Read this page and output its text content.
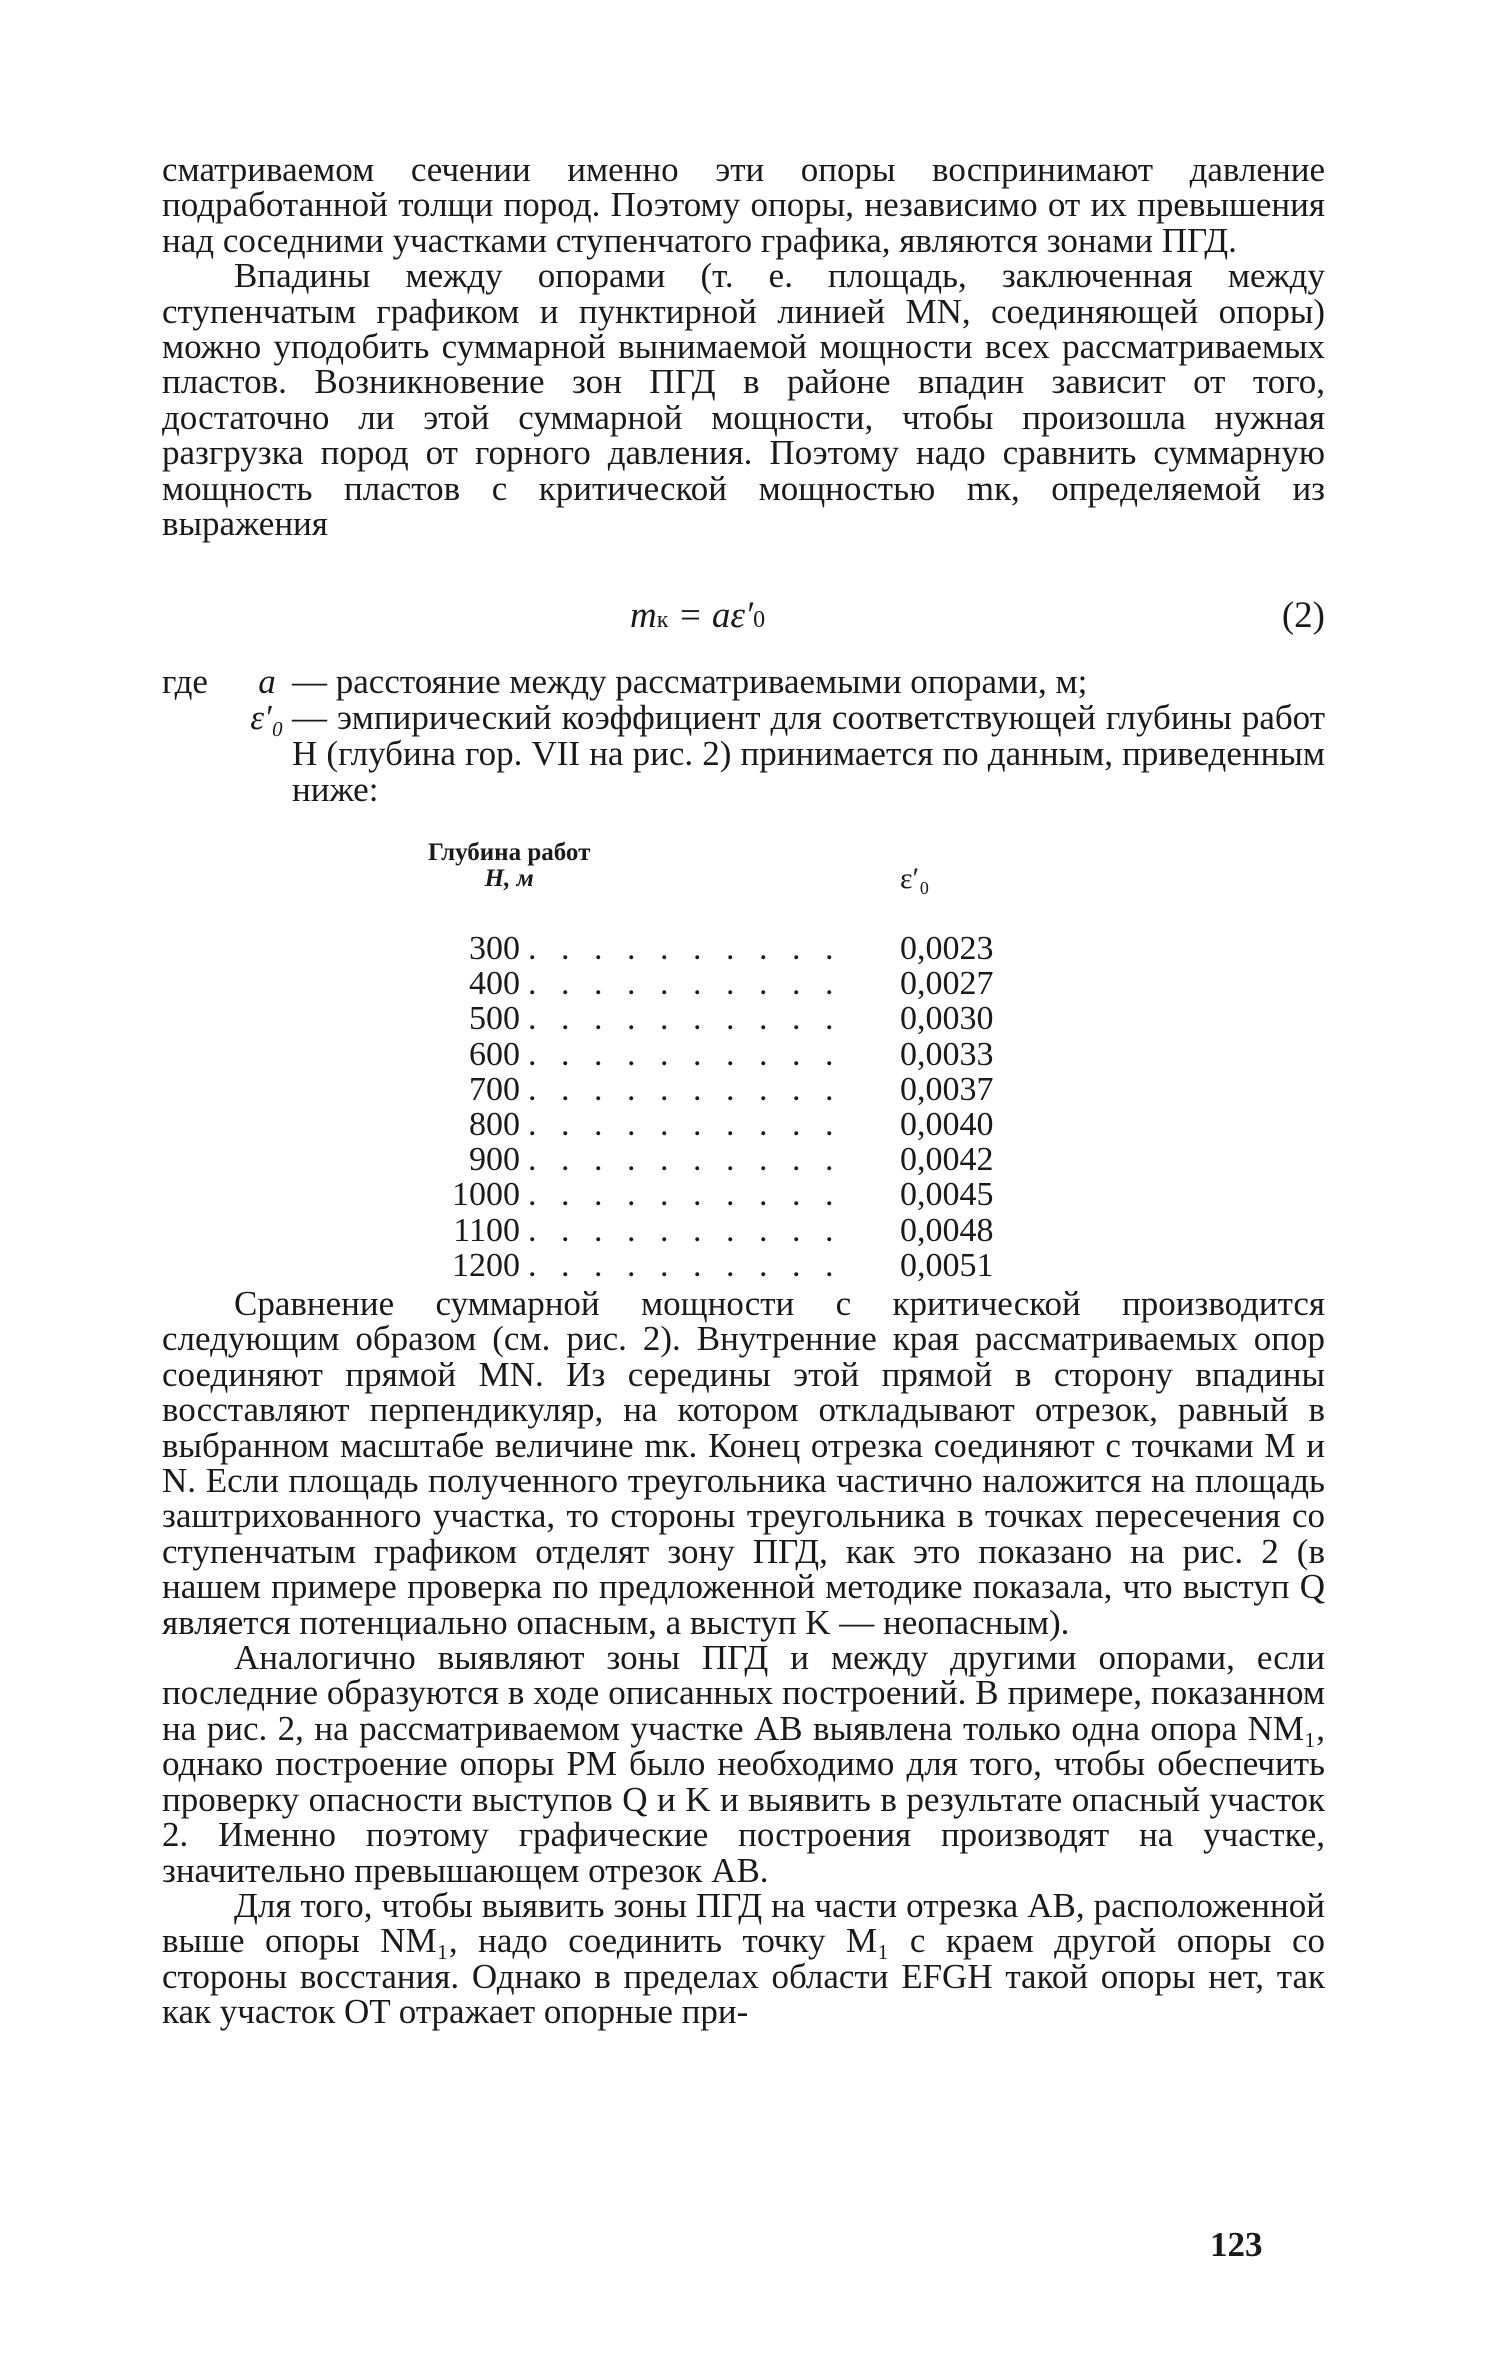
сматриваемом сечении именно эти опоры воспринимают давление подработанной толщи пород. Поэтому опоры, независимо от их превышения над соседними участками ступенчатого графика, являются зонами ПГД.

Впадины между опорами (т. е. площадь, заключенная между ступенчатым графиком и пунктирной линией MN, соединяющей опоры) можно уподобить суммарной вынимаемой мощности всех рассматриваемых пластов. Возникновение зон ПГД в районе впадин зависит от того, достаточно ли этой суммарной мощности, чтобы произошла нужная разгрузка пород от горного давления. Поэтому надо сравнить суммарную мощность пластов с критической мощностью mк, определяемой из выражения

mк = aε′0	(2)
где	a — расстояние между рассматриваемыми опорами, м;
ε′₀ — эмпирический коэффициент для соответствующей глубины работ H (глубина гор. VII на рис. 2) принимается по данным, приведенным ниже:
Глубина работ
H, м	ε′₀
300 . . . . . . . . . . 0,0023
400 . . . . . . . . . . 0,0027
500 . . . . . . . . . . 0,0030
600 . . . . . . . . . . 0,0033
700 . . . . . . . . . . 0,0037
800 . . . . . . . . . . 0,0040
900 . . . . . . . . . . 0,0042
1000 . . . . . . . . . . 0,0045
1100 . . . . . . . . . . 0,0048
1200 . . . . . . . . . . 0,0051

Сравнение суммарной мощности с критической производится следующим образом (см. рис. 2). Внутренние края рассматриваемых опор соединяют прямой MN. Из середины этой прямой в сторону впадины восставляют перпендикуляр, на котором откладывают отрезок, равный в выбранном масштабе величине mк. Конец отрезка соединяют с точками M и N. Если площадь полученного треугольника частично наложится на площадь заштрихованного участка, то стороны треугольника в точках пересечения со ступенчатым графиком отделят зону ПГД, как это показано на рис. 2 (в нашем примере проверка по предложенной методике показала, что выступ Q является потенциально опасным, а выступ K — неопасным).

Аналогично выявляют зоны ПГД и между другими опорами, если последние образуются в ходе описанных построений. В примере, показанном на рис. 2, на рассматриваемом участке AB выявлена только одна опора NM₁, однако построение опоры PM было необходимо для того, чтобы обеспечить проверку опасности выступов Q и K и выявить в результате опасный участок 2. Именно поэтому графические построения производят на участке, значительно превышающем отрезок AB.

Для того, чтобы выявить зоны ПГД на части отрезка AB, расположенной выше опоры NM₁, надо соединить точку M₁ с краем другой опоры со стороны восстания. Однако в пределах области EFGH такой опоры нет, так как участок OT отражает опорные при-

123
